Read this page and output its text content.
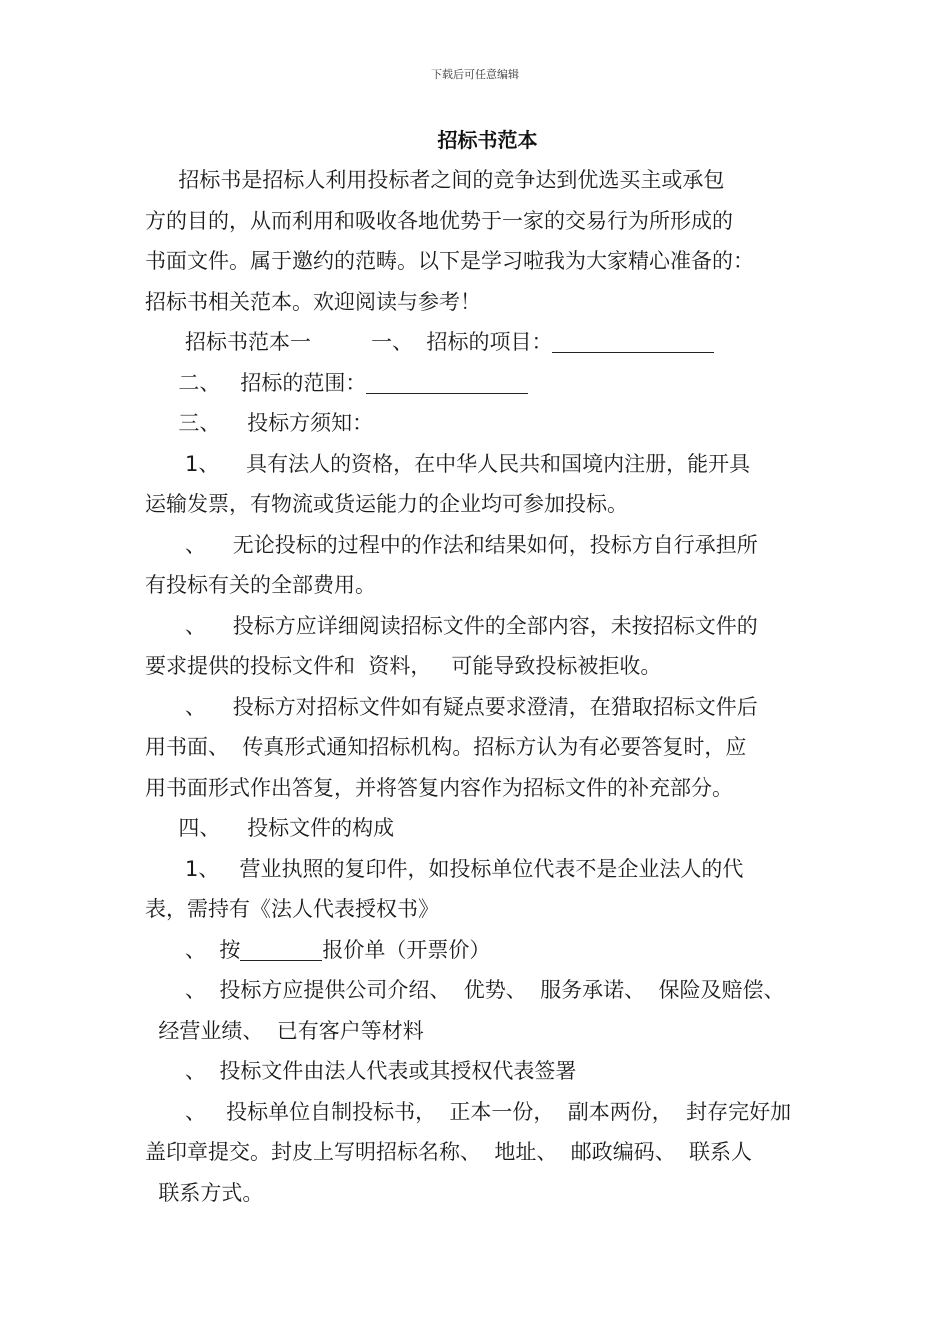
下载后可任意编辑
招标书范本
招标书是招标人利用投标者之间的竞争达到优选买主或承包
方的目的，从而利用和吸收各地优势于一家的交易行为所形成的
书面文件。属于邀约的范畴。以下是学习啦我为大家精心准备的：
招标书相关范本。欢迎阅读与参考！
招标书范本一         一、  招标的项目：
二、   招标的范围：
三、    投标方须知：
1、    具有法人的资格，在中华人民共和国境内注册，能开具
运输发票，有物流或货运能力的企业均可参加投标。
、    无论投标的过程中的作法和结果如何，投标方自行承担所
有投标有关的全部费用。
、    投标方应详细阅读招标文件的全部内容，未按招标文件的
要求提供的投标文件和  资料，   可能导致投标被拒收。
、    投标方对招标文件如有疑点要求澄清，在猎取招标文件后
用书面、  传真形式通知招标机构。招标方认为有必要答复时，应
用书面形式作出答复，并将答复内容作为招标文件的补充部分。
四、    投标文件的构成
1、   营业执照的复印件，如投标单位代表不是企业法人的代
表，需持有《法人代表授权书》
、  按	报价单（开票价）
、  投标方应提供公司介绍、  优势、  服务承诺、  保险及赔偿、
经营业绩、  已有客户等材料
、  投标文件由法人代表或其授权代表签署
、   投标单位自制投标书，  正本一份，  副本两份，  封存完好加
盖印章提交。封皮上写明招标名称、  地址、  邮政编码、  联系人
联系方式。
